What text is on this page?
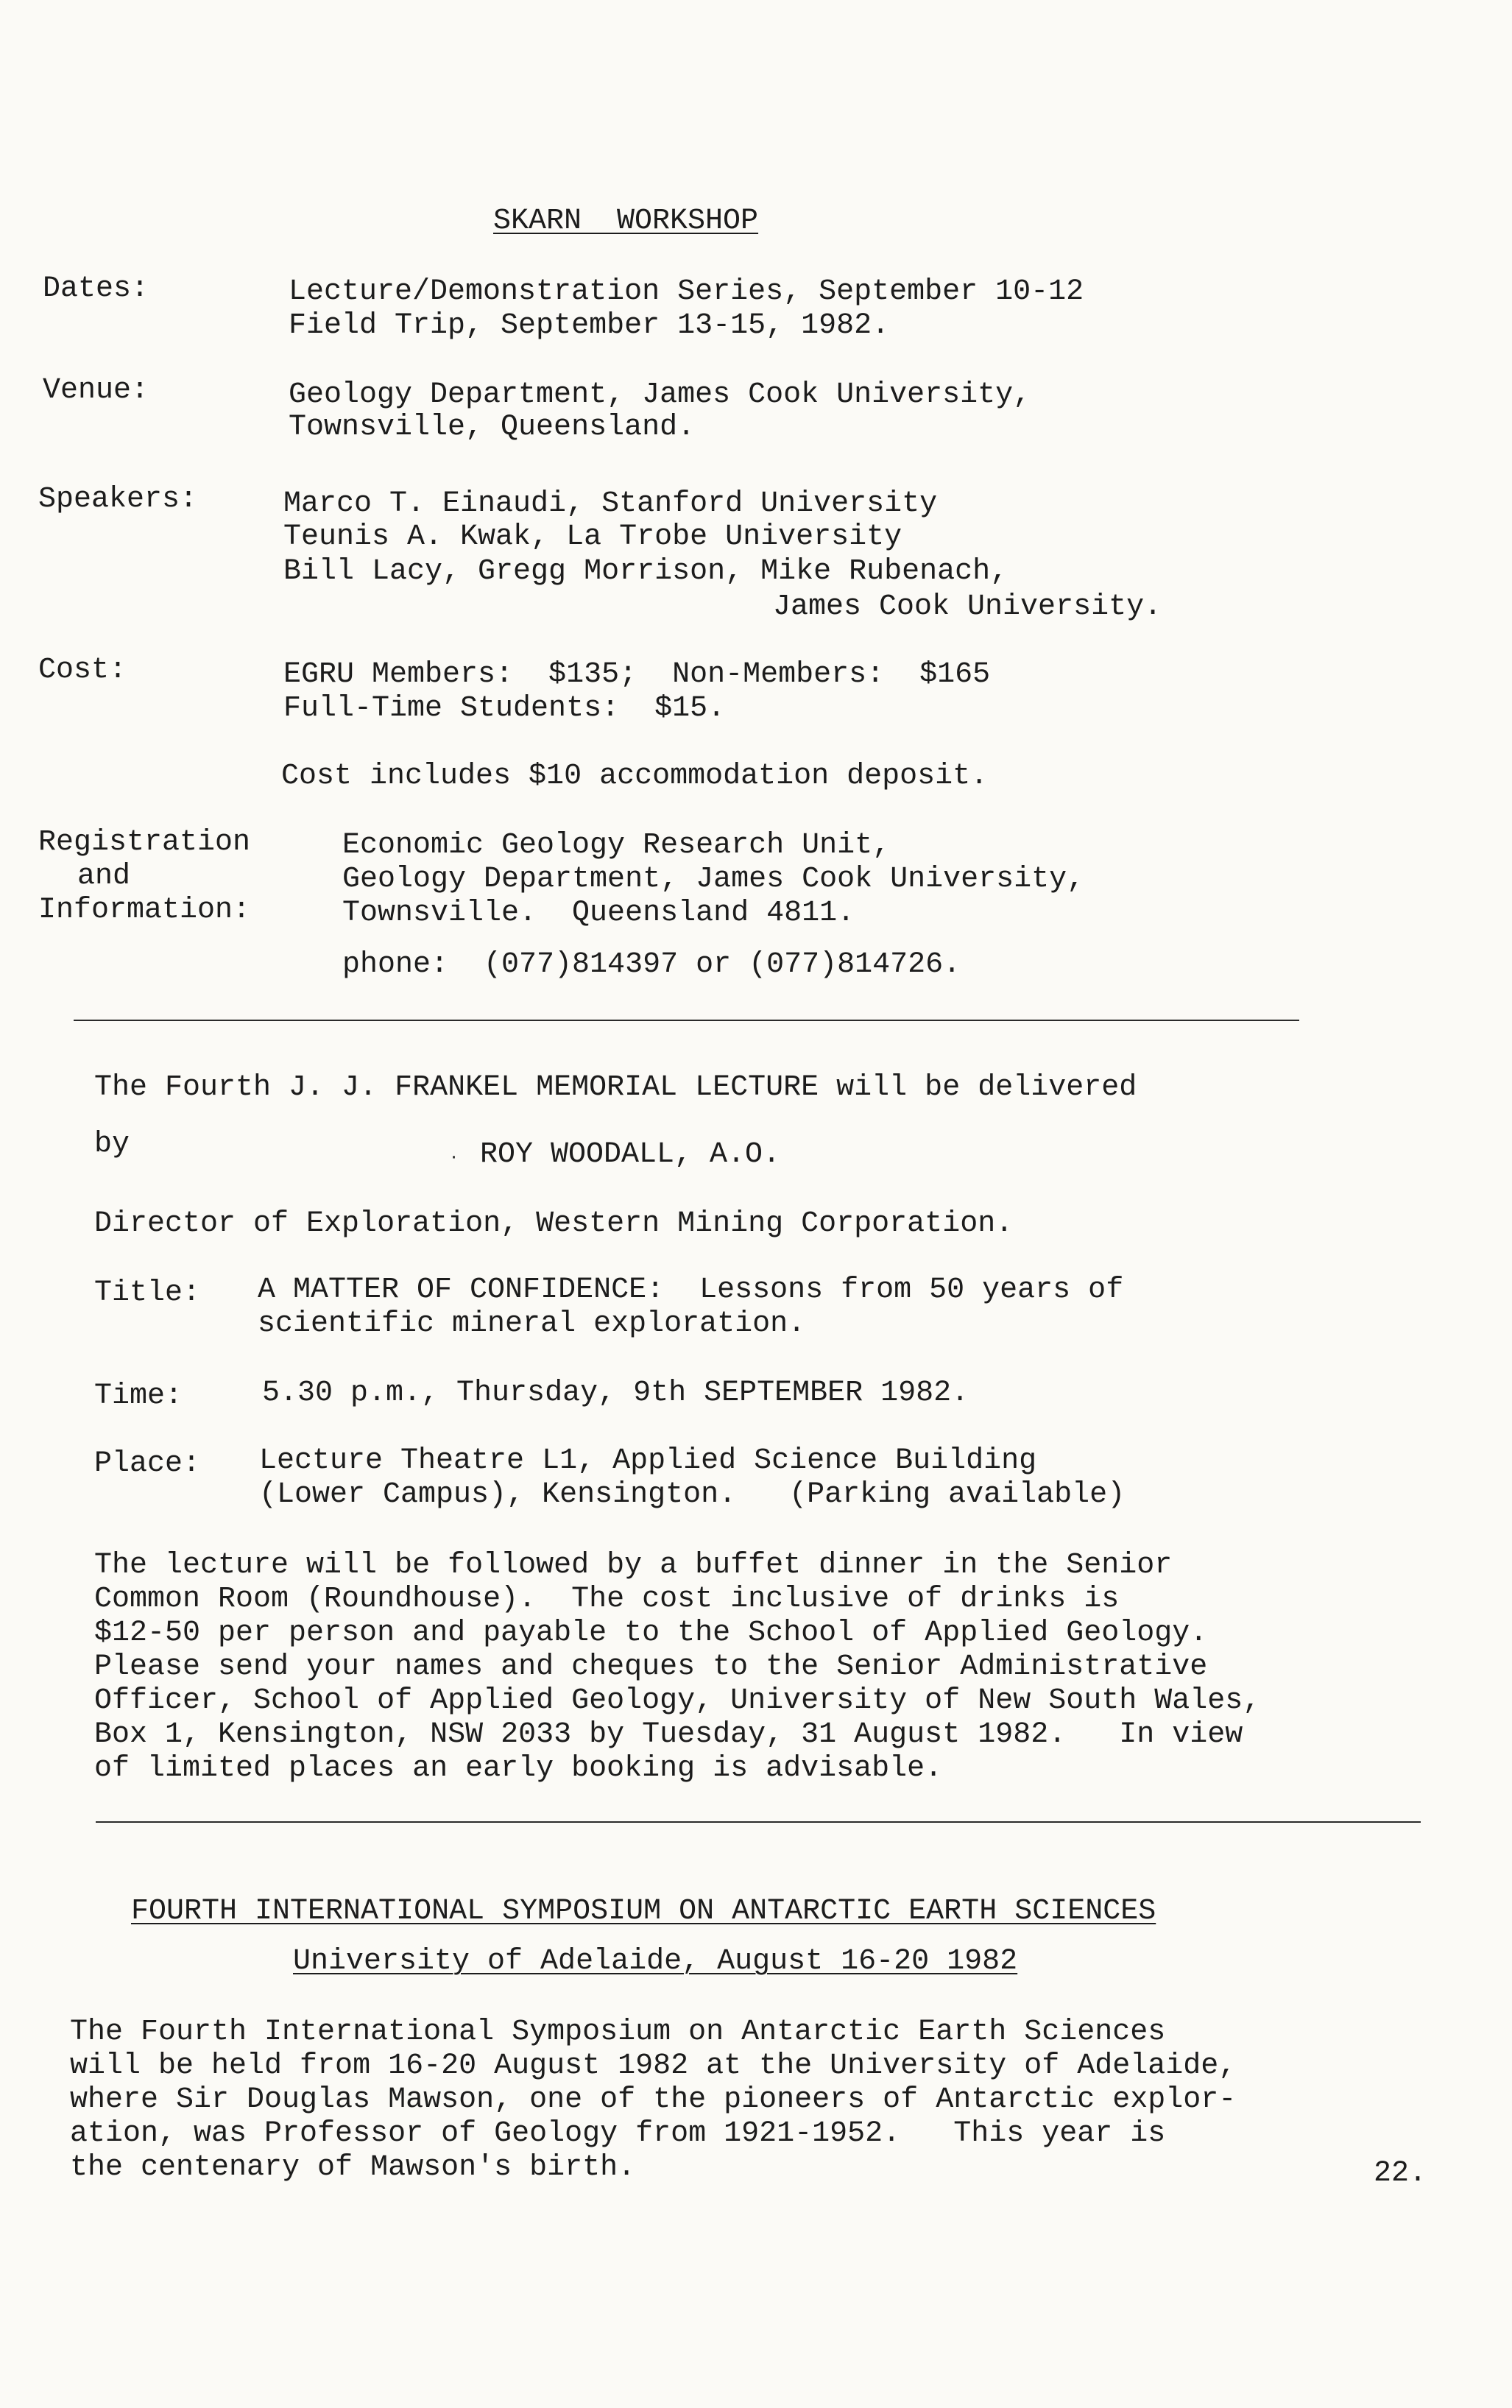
SKARN  WORKSHOP
Dates:	Lecture/Demonstration Series, September 10-12
Field Trip, September 13-15, 1982.
Venue:	Geology Department, James Cook University,
Townsville, Queensland.
Speakers:	Marco T. Einaudi, Stanford University
Teunis A. Kwak, La Trobe University
Bill Lacy, Gregg Morrison, Mike Rubenach,
James Cook University.
Cost:	EGRU Members:  $135;  Non-Members:  $165
Full-Time Students:  $15.
Cost includes $10 accommodation deposit.
Registration
and
Information:
Economic Geology Research Unit,
Geology Department, James Cook University,
Townsville.  Queensland 4811.
phone:  (077)814397 or (077)814726.
The Fourth J. J. FRANKEL MEMORIAL LECTURE will be delivered
by	· ROY WOODALL, A.O.
Director of Exploration, Western Mining Corporation.
Title: A MATTER OF CONFIDENCE:  Lessons from 50 years of
scientific mineral exploration.
Time:	5.30 p.m., Thursday, 9th SEPTEMBER 1982.
Place: Lecture Theatre L1, Applied Science Building
(Lower Campus), Kensington.   (Parking available)
The lecture will be followed by a buffet dinner in the Senior
Common Room (Roundhouse).  The cost inclusive of drinks is
$12-50 per person and payable to the School of Applied Geology.
Please send your names and cheques to the Senior Administrative
Officer, School of Applied Geology, University of New South Wales,
Box 1, Kensington, NSW 2033 by Tuesday, 31 August 1982.   In view
of limited places an early booking is advisable.
FOURTH INTERNATIONAL SYMPOSIUM ON ANTARCTIC EARTH SCIENCES
University of Adelaide, August 16-20 1982
The Fourth International Symposium on Antarctic Earth Sciences
will be held from 16-20 August 1982 at the University of Adelaide,
where Sir Douglas Mawson, one of the pioneers of Antarctic explor-
ation, was Professor of Geology from 1921-1952.   This year is
the centenary of Mawson's birth.	22.
